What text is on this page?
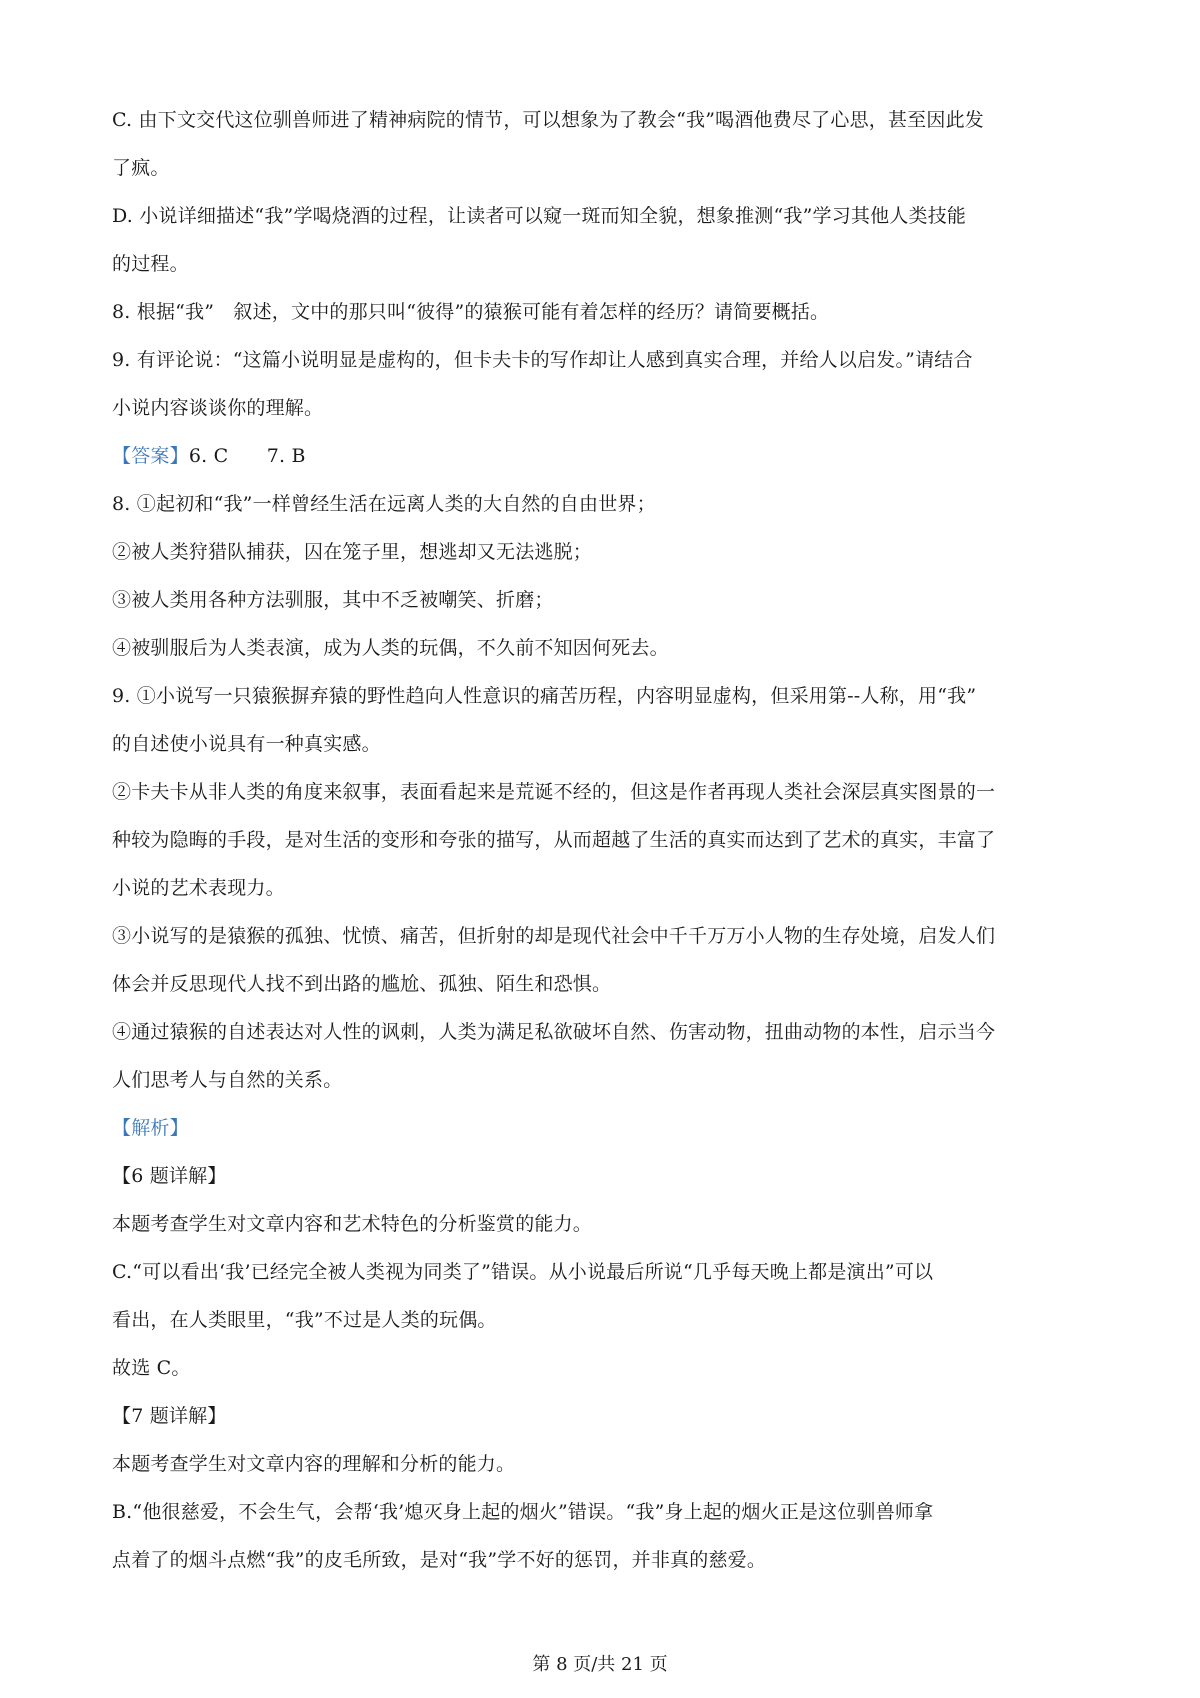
C. 由下文交代这位驯兽师进了精神病院的情节，可以想象为了教会“我”喝酒他费尽了心思，甚至因此发
了疯。
D. 小说详细描述“我”学喝烧酒的过程，让读者可以窥一斑而知全貌，想象推测“我”学习其他人类技能
的过程。
8. 根据“我”　叙述，文中的那只叫“彼得”的猿猴可能有着怎样的经历？请简要概括。
9. 有评论说：“这篇小说明显是虚构的，但卡夫卡的写作却让人感到真实合理，并给人以启发。”请结合
小说内容谈谈你的理解。
【答案】6. C　　7. B
8. ①起初和“我”一样曾经生活在远离人类的大自然的自由世界；
②被人类狩猎队捕获，囚在笼子里，想逃却又无法逃脱；
③被人类用各种方法驯服，其中不乏被嘲笑、折磨；
④被驯服后为人类表演，成为人类的玩偶，不久前不知因何死去。
9. ①小说写一只猿猴摒弃猿的野性趋向人性意识的痛苦历程，内容明显虚构，但采用第--人称，用“我”
的自述使小说具有一种真实感。
②卡夫卡从非人类的角度来叙事，表面看起来是荒诞不经的，但这是作者再现人类社会深层真实图景的一
种较为隐晦的手段，是对生活的变形和夸张的描写，从而超越了生活的真实而达到了艺术的真实，丰富了
小说的艺术表现力。
③小说写的是猿猴的孤独、忧愤、痛苦，但折射的却是现代社会中千千万万小人物的生存处境，启发人们
体会并反思现代人找不到出路的尴尬、孤独、陌生和恐惧。
④通过猿猴的自述表达对人性的讽刺，人类为满足私欲破坏自然、伤害动物，扭曲动物的本性，启示当今
人们思考人与自然的关系。
【解析】
【6 题详解】
本题考查学生对文章内容和艺术特色的分析鉴赏的能力。
C.“可以看出‘我’已经完全被人类视为同类了”错误。从小说最后所说“几乎每天晚上都是演出”可以
看出，在人类眼里，“我”不过是人类的玩偶。
故选 C。
【7 题详解】
本题考查学生对文章内容的理解和分析的能力。
B.“他很慈爱，不会生气，会帮‘我’熄灭身上起的烟火”错误。“我”身上起的烟火正是这位驯兽师拿
点着了的烟斗点燃“我”的皮毛所致，是对“我”学不好的惩罚，并非真的慈爱。
第 8 页/共 21 页
